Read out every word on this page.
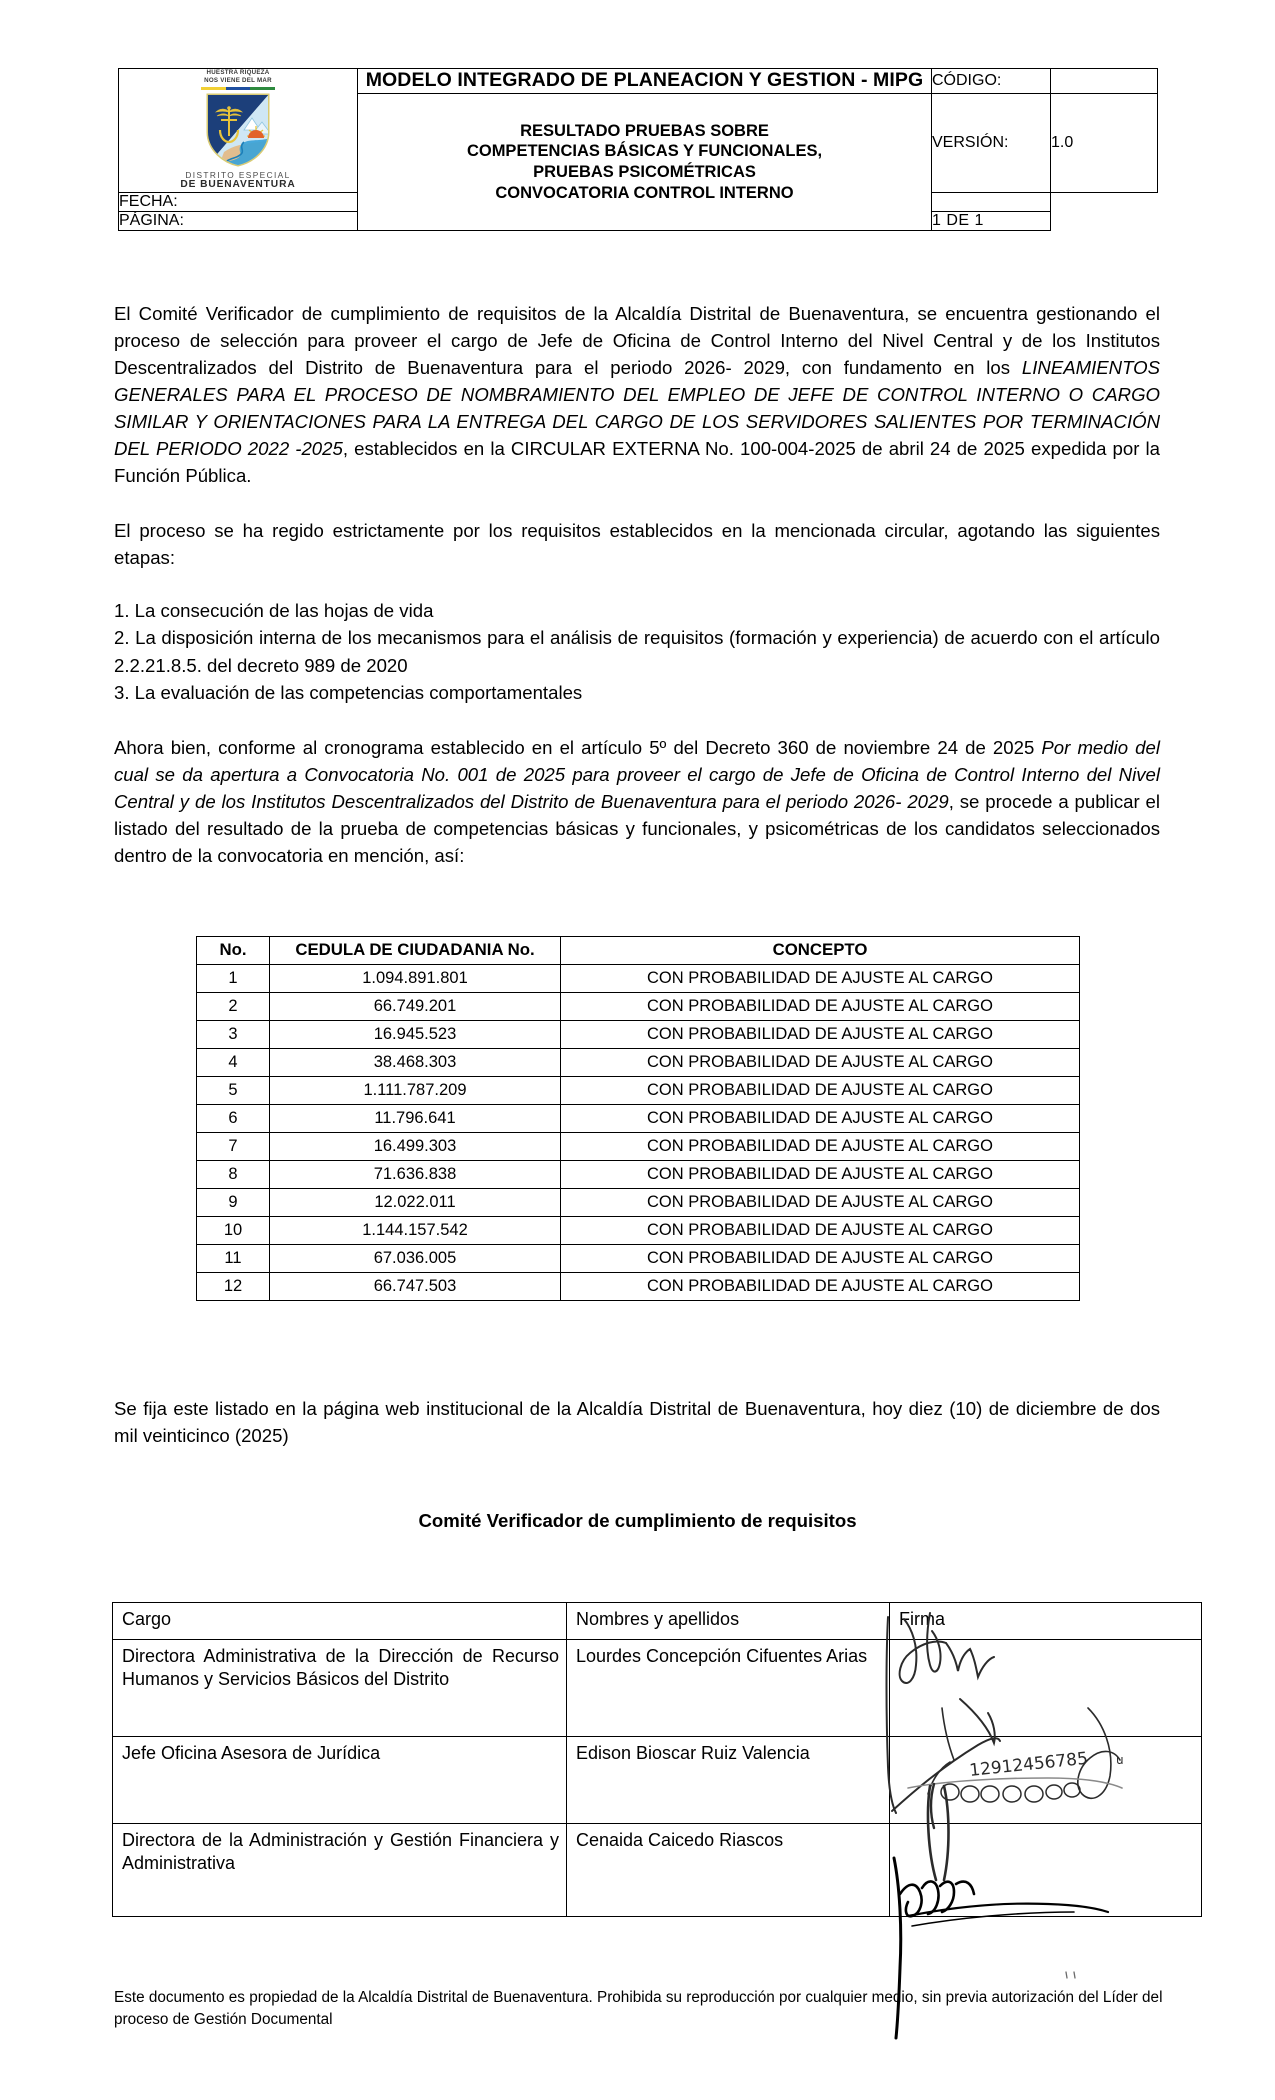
HUESTRA RIQUEZA
NOS VIENE DEL MAR
DISTRITO ESPECIAL
DE BUENAVENTURA	MODELO INTEGRADO DE PLANEACION Y GESTION - MIPG	CÓDIGO:	

	RESULTADO PRUEBAS SOBRE
COMPETENCIAS BÁSICAS Y FUNCIONALES,
PRUEBAS PSICOMÉTRICAS
CONVOCATORIA CONTROL INTERNO	VERSIÓN:	1.0
FECHA:			
PÁGINA:		1 DE 1	

El Comité Verificador de cumplimiento de requisitos de la Alcaldía Distrital de Buenaventura, se encuentra gestionando el proceso de selección para proveer el cargo de Jefe de Oficina de Control Interno del Nivel Central y de los Institutos Descentralizados del Distrito de Buenaventura para el periodo 2026- 2029, con fundamento en los LINEAMIENTOS GENERALES PARA EL PROCESO DE NOMBRAMIENTO DEL EMPLEO DE JEFE DE CONTROL INTERNO O CARGO SIMILAR Y ORIENTACIONES PARA LA ENTREGA DEL CARGO DE LOS SERVIDORES SALIENTES POR TERMINACIÓN DEL PERIODO 2022 -2025, establecidos en la CIRCULAR EXTERNA No. 100-004-2025 de abril 24 de 2025 expedida por la Función Pública.

El proceso se ha regido estrictamente por los requisitos establecidos en la mencionada circular, agotando las siguientes etapas:

1. La consecución de las hojas de vida
2. La disposición interna de los mecanismos para el análisis de requisitos (formación y experiencia) de acuerdo con el artículo 2.2.21.8.5. del decreto 989 de 2020
3. La evaluación de las competencias comportamentales

Ahora bien, conforme al cronograma establecido en el artículo 5º del Decreto 360 de noviembre 24 de 2025 Por medio del cual se da apertura a Convocatoria No. 001 de 2025 para proveer el cargo de Jefe de Oficina de Control Interno del Nivel Central y de los Institutos Descentralizados del Distrito de Buenaventura para el periodo 2026- 2029, se procede a publicar el listado del resultado de la prueba de competencias básicas y funcionales, y psicométricas de los candidatos seleccionados dentro de la convocatoria en mención, así:

No.	CEDULA DE CIUDADANIA No.	CONCEPTO
1	1.094.891.801	CON PROBABILIDAD DE AJUSTE AL CARGO
2	66.749.201	CON PROBABILIDAD DE AJUSTE AL CARGO
3	16.945.523	CON PROBABILIDAD DE AJUSTE AL CARGO
4	38.468.303	CON PROBABILIDAD DE AJUSTE AL CARGO
5	1.111.787.209	CON PROBABILIDAD DE AJUSTE AL CARGO
6	11.796.641	CON PROBABILIDAD DE AJUSTE AL CARGO
7	16.499.303	CON PROBABILIDAD DE AJUSTE AL CARGO
8	71.636.838	CON PROBABILIDAD DE AJUSTE AL CARGO
9	12.022.011	CON PROBABILIDAD DE AJUSTE AL CARGO
10	1.144.157.542	CON PROBABILIDAD DE AJUSTE AL CARGO
11	67.036.005	CON PROBABILIDAD DE AJUSTE AL CARGO
12	66.747.503	CON PROBABILIDAD DE AJUSTE AL CARGO

Se fija este listado en la página web institucional de la Alcaldía Distrital de Buenaventura, hoy diez (10) de diciembre de dos mil veinticinco (2025)

Comité Verificador de cumplimiento de requisitos
Cargo	Nombres y apellidos	Firma
Directora Administrativa de la Dirección de Recurso Humanos y Servicios Básicos del Distrito	Lourdes Concepción Cifuentes Arias	
Jefe Oficina Asesora de Jurídica	Edison Bioscar Ruiz Valencia	
Directora de la Administración y Gestión Financiera y Administrativa	Cenaida Caicedo Riascos	
12912456785 u
Este documento es propiedad de la Alcaldía Distrital de Buenaventura. Prohibida su reproducción por cualquier medio, sin previa autorización del Líder del proceso de Gestión Documental
